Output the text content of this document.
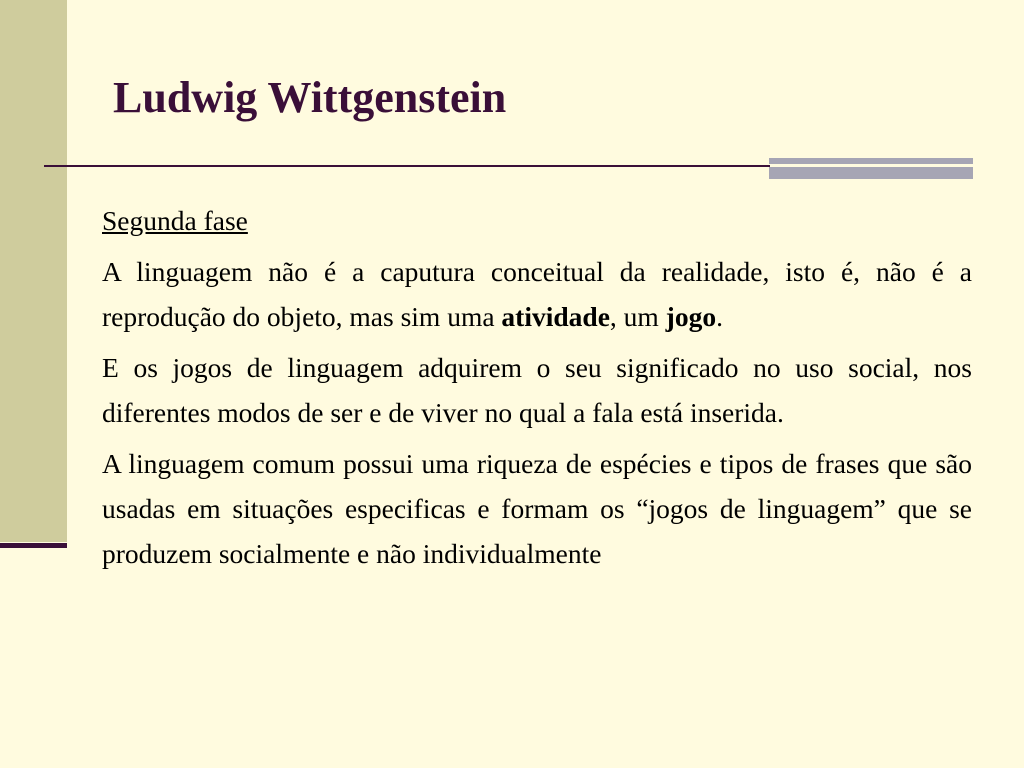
Ludwig Wittgenstein

Segunda fase

A linguagem não é a caputura conceitual da realidade, isto é, não é a reprodução do objeto, mas sim uma atividade, um jogo.

E os jogos de linguagem adquirem o seu significado no uso social, nos diferentes modos de ser e de viver no qual a fala está inserida.

A linguagem comum possui uma riqueza de espécies e tipos de frases que são usadas em situações especificas e formam os “jogos de linguagem” que se produzem socialmente e não individualmente
